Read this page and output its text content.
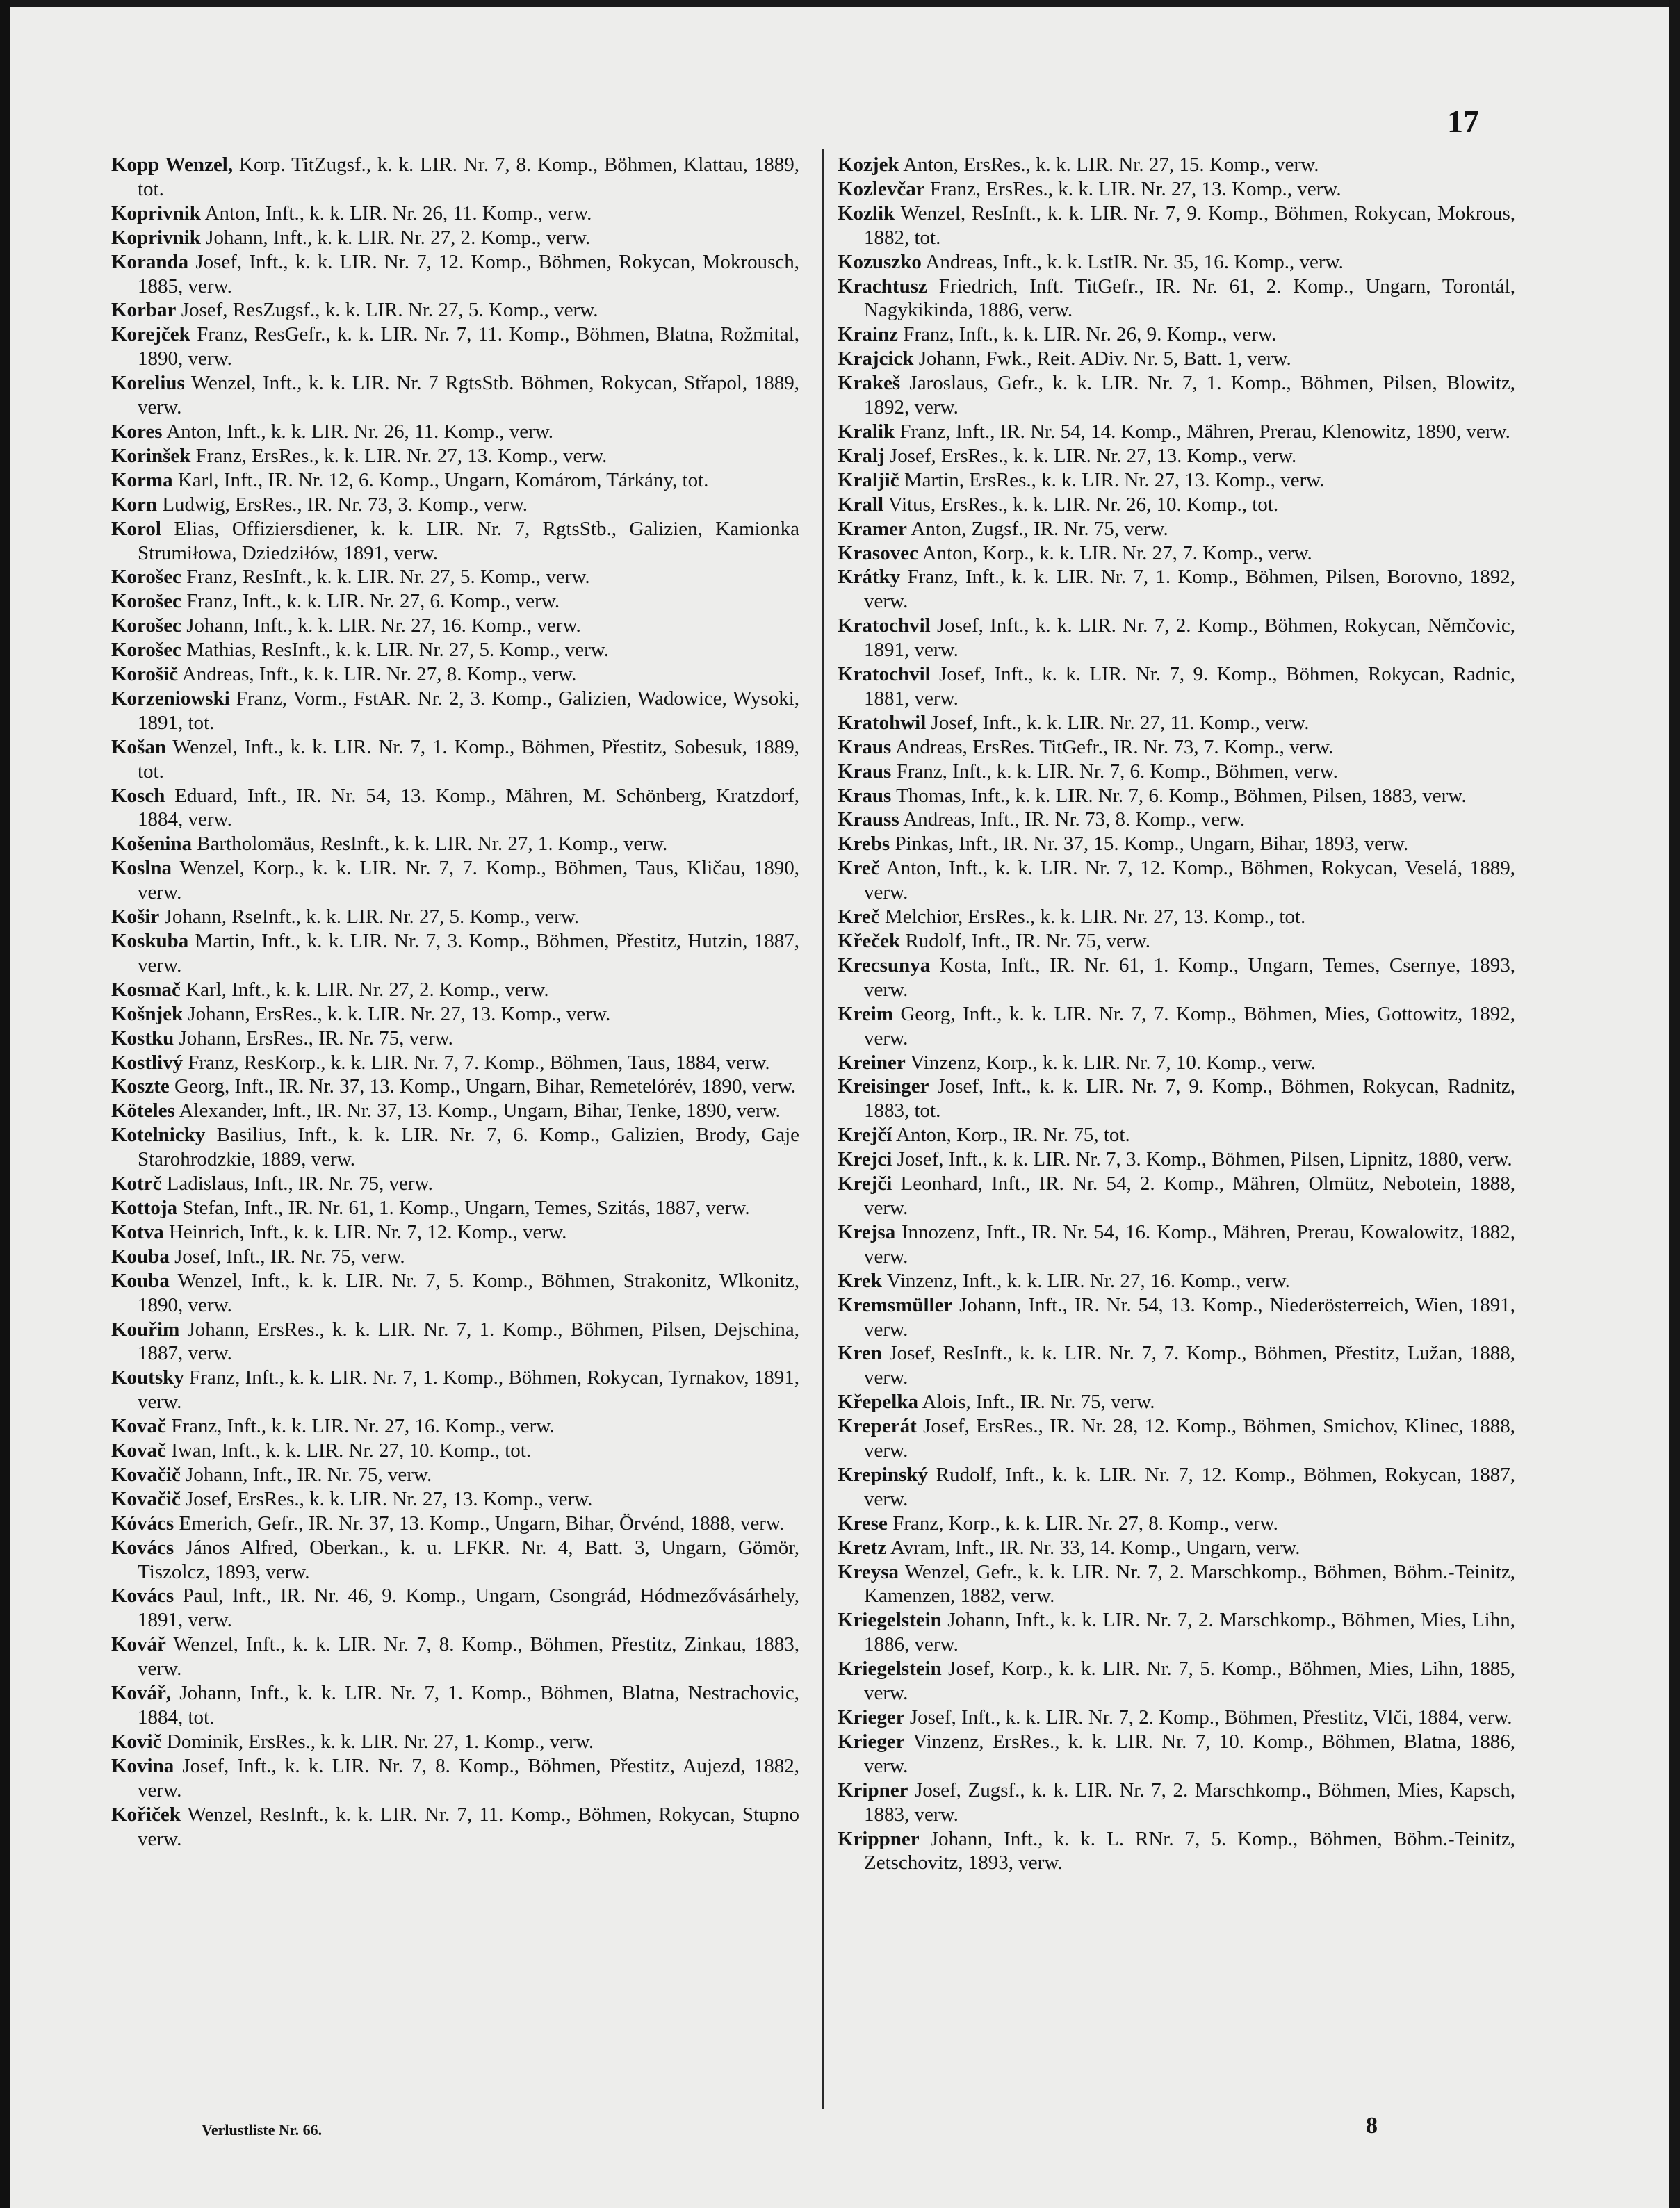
17
Kopp Wenzel, Korp. TitZugsf., k. k. LIR. Nr. 7, 8. Komp., Böhmen, Klattau, 1889, tot.
Koprivnik Anton, Inft., k. k. LIR. Nr. 26, 11. Komp., verw.
Koprivnik Johann, Inft., k. k. LIR. Nr. 27, 2. Komp., verw.
Koranda Josef, Inft., k. k. LIR. Nr. 7, 12. Komp., Böhmen, Rokycan, Mokrousch, 1885, verw.
Korbar Josef, ResZugsf., k. k. LIR. Nr. 27, 5. Komp., verw.
Korejček Franz, ResGefr., k. k. LIR. Nr. 7, 11. Komp., Böhmen, Blatna, Rožmital, 1890, verw.
Korelius Wenzel, Inft., k. k. LIR. Nr. 7 RgtsStb. Böhmen, Rokycan, Střapol, 1889, verw.
Kores Anton, Inft., k. k. LIR. Nr. 26, 11. Komp., verw.
Korinšek Franz, ErsRes., k. k. LIR. Nr. 27, 13. Komp., verw.
Korma Karl, Inft., IR. Nr. 12, 6. Komp., Ungarn, Komárom, Tárkány, tot.
Korn Ludwig, ErsRes., IR. Nr. 73, 3. Komp., verw.
Korol Elias, Offiziersdiener, k. k. LIR. Nr. 7, RgtsStb., Galizien, Kamionka Strumiłowa, Dziedziłów, 1891, verw.
Korošec Franz, ResInft., k. k. LIR. Nr. 27, 5. Komp., verw.
Korošec Franz, Inft., k. k. LIR. Nr. 27, 6. Komp., verw.
Korošec Johann, Inft., k. k. LIR. Nr. 27, 16. Komp., verw.
Korošec Mathias, ResInft., k. k. LIR. Nr. 27, 5. Komp., verw.
Korošič Andreas, Inft., k. k. LIR. Nr. 27, 8. Komp., verw.
Korzeniowski Franz, Vorm., FstAR. Nr. 2, 3. Komp., Galizien, Wadowice, Wysoki, 1891, tot.
Košan Wenzel, Inft., k. k. LIR. Nr. 7, 1. Komp., Böhmen, Přestitz, Sobesuk, 1889, tot.
Kosch Eduard, Inft., IR. Nr. 54, 13. Komp., Mähren, M. Schönberg, Kratzdorf, 1884, verw.
Košenina Bartholomäus, ResInft., k. k. LIR. Nr. 27, 1. Komp., verw.
Koslna Wenzel, Korp., k. k. LIR. Nr. 7, 7. Komp., Böhmen, Taus, Kličau, 1890, verw.
Košir Johann, RseInft., k. k. LIR. Nr. 27, 5. Komp., verw.
Koskuba Martin, Inft., k. k. LIR. Nr. 7, 3. Komp., Böhmen, Přestitz, Hutzin, 1887, verw.
Kosmač Karl, Inft., k. k. LIR. Nr. 27, 2. Komp., verw.
Košnjek Johann, ErsRes., k. k. LIR. Nr. 27, 13. Komp., verw.
Kostku Johann, ErsRes., IR. Nr. 75, verw.
Kostlivý Franz, ResKorp., k. k. LIR. Nr. 7, 7. Komp., Böhmen, Taus, 1884, verw.
Koszte Georg, Inft., IR. Nr. 37, 13. Komp., Ungarn, Bihar, Remetelórév, 1890, verw.
Köteles Alexander, Inft., IR. Nr. 37, 13. Komp., Ungarn, Bihar, Tenke, 1890, verw.
Kotelnicky Basilius, Inft., k. k. LIR. Nr. 7, 6. Komp., Galizien, Brody, Gaje Starohrodzkie, 1889, verw.
Kotrč Ladislaus, Inft., IR. Nr. 75, verw.
Kottoja Stefan, Inft., IR. Nr. 61, 1. Komp., Ungarn, Temes, Szitás, 1887, verw.
Kotva Heinrich, Inft., k. k. LIR. Nr. 7, 12. Komp., verw.
Kouba Josef, Inft., IR. Nr. 75, verw.
Kouba Wenzel, Inft., k. k. LIR. Nr. 7, 5. Komp., Böhmen, Strakonitz, Wlkonitz, 1890, verw.
Kouřim Johann, ErsRes., k. k. LIR. Nr. 7, 1. Komp., Böhmen, Pilsen, Dejschina, 1887, verw.
Koutsky Franz, Inft., k. k. LIR. Nr. 7, 1. Komp., Böhmen, Rokycan, Tyrnakov, 1891, verw.
Kovač Franz, Inft., k. k. LIR. Nr. 27, 16. Komp., verw.
Kovač Iwan, Inft., k. k. LIR. Nr. 27, 10. Komp., tot.
Kovačič Johann, Inft., IR. Nr. 75, verw.
Kovačič Josef, ErsRes., k. k. LIR. Nr. 27, 13. Komp., verw.
Kóvács Emerich, Gefr., IR. Nr. 37, 13. Komp., Ungarn, Bihar, Örvénd, 1888, verw.
Kovács János Alfred, Oberkan., k. u. LFKR. Nr. 4, Batt. 3, Ungarn, Gömör, Tiszolcz, 1893, verw.
Kovács Paul, Inft., IR. Nr. 46, 9. Komp., Ungarn, Csongrád, Hódmezővásárhely, 1891, verw.
Kovář Wenzel, Inft., k. k. LIR. Nr. 7, 8. Komp., Böhmen, Přestitz, Zinkau, 1883, verw.
Kovář, Johann, Inft., k. k. LIR. Nr. 7, 1. Komp., Böhmen, Blatna, Nestrachovic, 1884, tot.
Kovič Dominik, ErsRes., k. k. LIR. Nr. 27, 1. Komp., verw.
Kovina Josef, Inft., k. k. LIR. Nr. 7, 8. Komp., Böhmen, Přestitz, Aujezd, 1882, verw.
Kořiček Wenzel, ResInft., k. k. LIR. Nr. 7, 11. Komp., Böhmen, Rokycan, Stupno verw.
Kozjek Anton, ErsRes., k. k. LIR. Nr. 27, 15. Komp., verw.
Kozlevčar Franz, ErsRes., k. k. LIR. Nr. 27, 13. Komp., verw.
Kozlik Wenzel, ResInft., k. k. LIR. Nr. 7, 9. Komp., Böhmen, Rokycan, Mokrous, 1882, tot.
Kozuszko Andreas, Inft., k. k. LstIR. Nr. 35, 16. Komp., verw.
Krachtusz Friedrich, Inft. TitGefr., IR. Nr. 61, 2. Komp., Ungarn, Torontál, Nagykikinda, 1886, verw.
Krainz Franz, Inft., k. k. LIR. Nr. 26, 9. Komp., verw.
Krajcick Johann, Fwk., Reit. ADiv. Nr. 5, Batt. 1, verw.
Krakeš Jaroslaus, Gefr., k. k. LIR. Nr. 7, 1. Komp., Böhmen, Pilsen, Blowitz, 1892, verw.
Kralik Franz, Inft., IR. Nr. 54, 14. Komp., Mähren, Prerau, Klenowitz, 1890, verw.
Kralj Josef, ErsRes., k. k. LIR. Nr. 27, 13. Komp., verw.
Kraljič Martin, ErsRes., k. k. LIR. Nr. 27, 13. Komp., verw.
Krall Vitus, ErsRes., k. k. LIR. Nr. 26, 10. Komp., tot.
Kramer Anton, Zugsf., IR. Nr. 75, verw.
Krasovec Anton, Korp., k. k. LIR. Nr. 27, 7. Komp., verw.
Krátky Franz, Inft., k. k. LIR. Nr. 7, 1. Komp., Böhmen, Pilsen, Borovno, 1892, verw.
Kratochvil Josef, Inft., k. k. LIR. Nr. 7, 2. Komp., Böhmen, Rokycan, Němčovic, 1891, verw.
Kratochvil Josef, Inft., k. k. LIR. Nr. 7, 9. Komp., Böhmen, Rokycan, Radnic, 1881, verw.
Kratohwil Josef, Inft., k. k. LIR. Nr. 27, 11. Komp., verw.
Kraus Andreas, ErsRes. TitGefr., IR. Nr. 73, 7. Komp., verw.
Kraus Franz, Inft., k. k. LIR. Nr. 7, 6. Komp., Böhmen, verw.
Kraus Thomas, Inft., k. k. LIR. Nr. 7, 6. Komp., Böhmen, Pilsen, 1883, verw.
Krauss Andreas, Inft., IR. Nr. 73, 8. Komp., verw.
Krebs Pinkas, Inft., IR. Nr. 37, 15. Komp., Ungarn, Bihar, 1893, verw.
Kreč Anton, Inft., k. k. LIR. Nr. 7, 12. Komp., Böhmen, Rokycan, Veselá, 1889, verw.
Kreč Melchior, ErsRes., k. k. LIR. Nr. 27, 13. Komp., tot.
Křeček Rudolf, Inft., IR. Nr. 75, verw.
Krecsunya Kosta, Inft., IR. Nr. 61, 1. Komp., Ungarn, Temes, Csernye, 1893, verw.
Kreim Georg, Inft., k. k. LIR. Nr. 7, 7. Komp., Böhmen, Mies, Gottowitz, 1892, verw.
Kreiner Vinzenz, Korp., k. k. LIR. Nr. 7, 10. Komp., verw.
Kreisinger Josef, Inft., k. k. LIR. Nr. 7, 9. Komp., Böhmen, Rokycan, Radnitz, 1883, tot.
Krejčí Anton, Korp., IR. Nr. 75, tot.
Krejci Josef, Inft., k. k. LIR. Nr. 7, 3. Komp., Böhmen, Pilsen, Lipnitz, 1880, verw.
Krejči Leonhard, Inft., IR. Nr. 54, 2. Komp., Mähren, Olmütz, Nebotein, 1888, verw.
Krejsa Innozenz, Inft., IR. Nr. 54, 16. Komp., Mähren, Prerau, Kowalowitz, 1882, verw.
Krek Vinzenz, Inft., k. k. LIR. Nr. 27, 16. Komp., verw.
Kremsmüller Johann, Inft., IR. Nr. 54, 13. Komp., Niederösterreich, Wien, 1891, verw.
Kren Josef, ResInft., k. k. LIR. Nr. 7, 7. Komp., Böhmen, Přestitz, Lužan, 1888, verw.
Křepelka Alois, Inft., IR. Nr. 75, verw.
Kreperát Josef, ErsRes., IR. Nr. 28, 12. Komp., Böhmen, Smichov, Klinec, 1888, verw.
Krepinský Rudolf, Inft., k. k. LIR. Nr. 7, 12. Komp., Böhmen, Rokycan, 1887, verw.
Krese Franz, Korp., k. k. LIR. Nr. 27, 8. Komp., verw.
Kretz Avram, Inft., IR. Nr. 33, 14. Komp., Ungarn, verw.
Kreysa Wenzel, Gefr., k. k. LIR. Nr. 7, 2. Marschkomp., Böhmen, Böhm.-Teinitz, Kamenzen, 1882, verw.
Kriegelstein Johann, Inft., k. k. LIR. Nr. 7, 2. Marschkomp., Böhmen, Mies, Lihn, 1886, verw.
Kriegelstein Josef, Korp., k. k. LIR. Nr. 7, 5. Komp., Böhmen, Mies, Lihn, 1885, verw.
Krieger Josef, Inft., k. k. LIR. Nr. 7, 2. Komp., Böhmen, Přestitz, Vlči, 1884, verw.
Krieger Vinzenz, ErsRes., k. k. LIR. Nr. 7, 10. Komp., Böhmen, Blatna, 1886, verw.
Kripner Josef, Zugsf., k. k. LIR. Nr. 7, 2. Marschkomp., Böhmen, Mies, Kapsch, 1883, verw.
Krippner Johann, Inft., k. k. L. RNr. 7, 5. Komp., Böhmen, Böhm.-Teinitz, Zetschovitz, 1893, verw.
Verlustliste Nr. 66.	8
